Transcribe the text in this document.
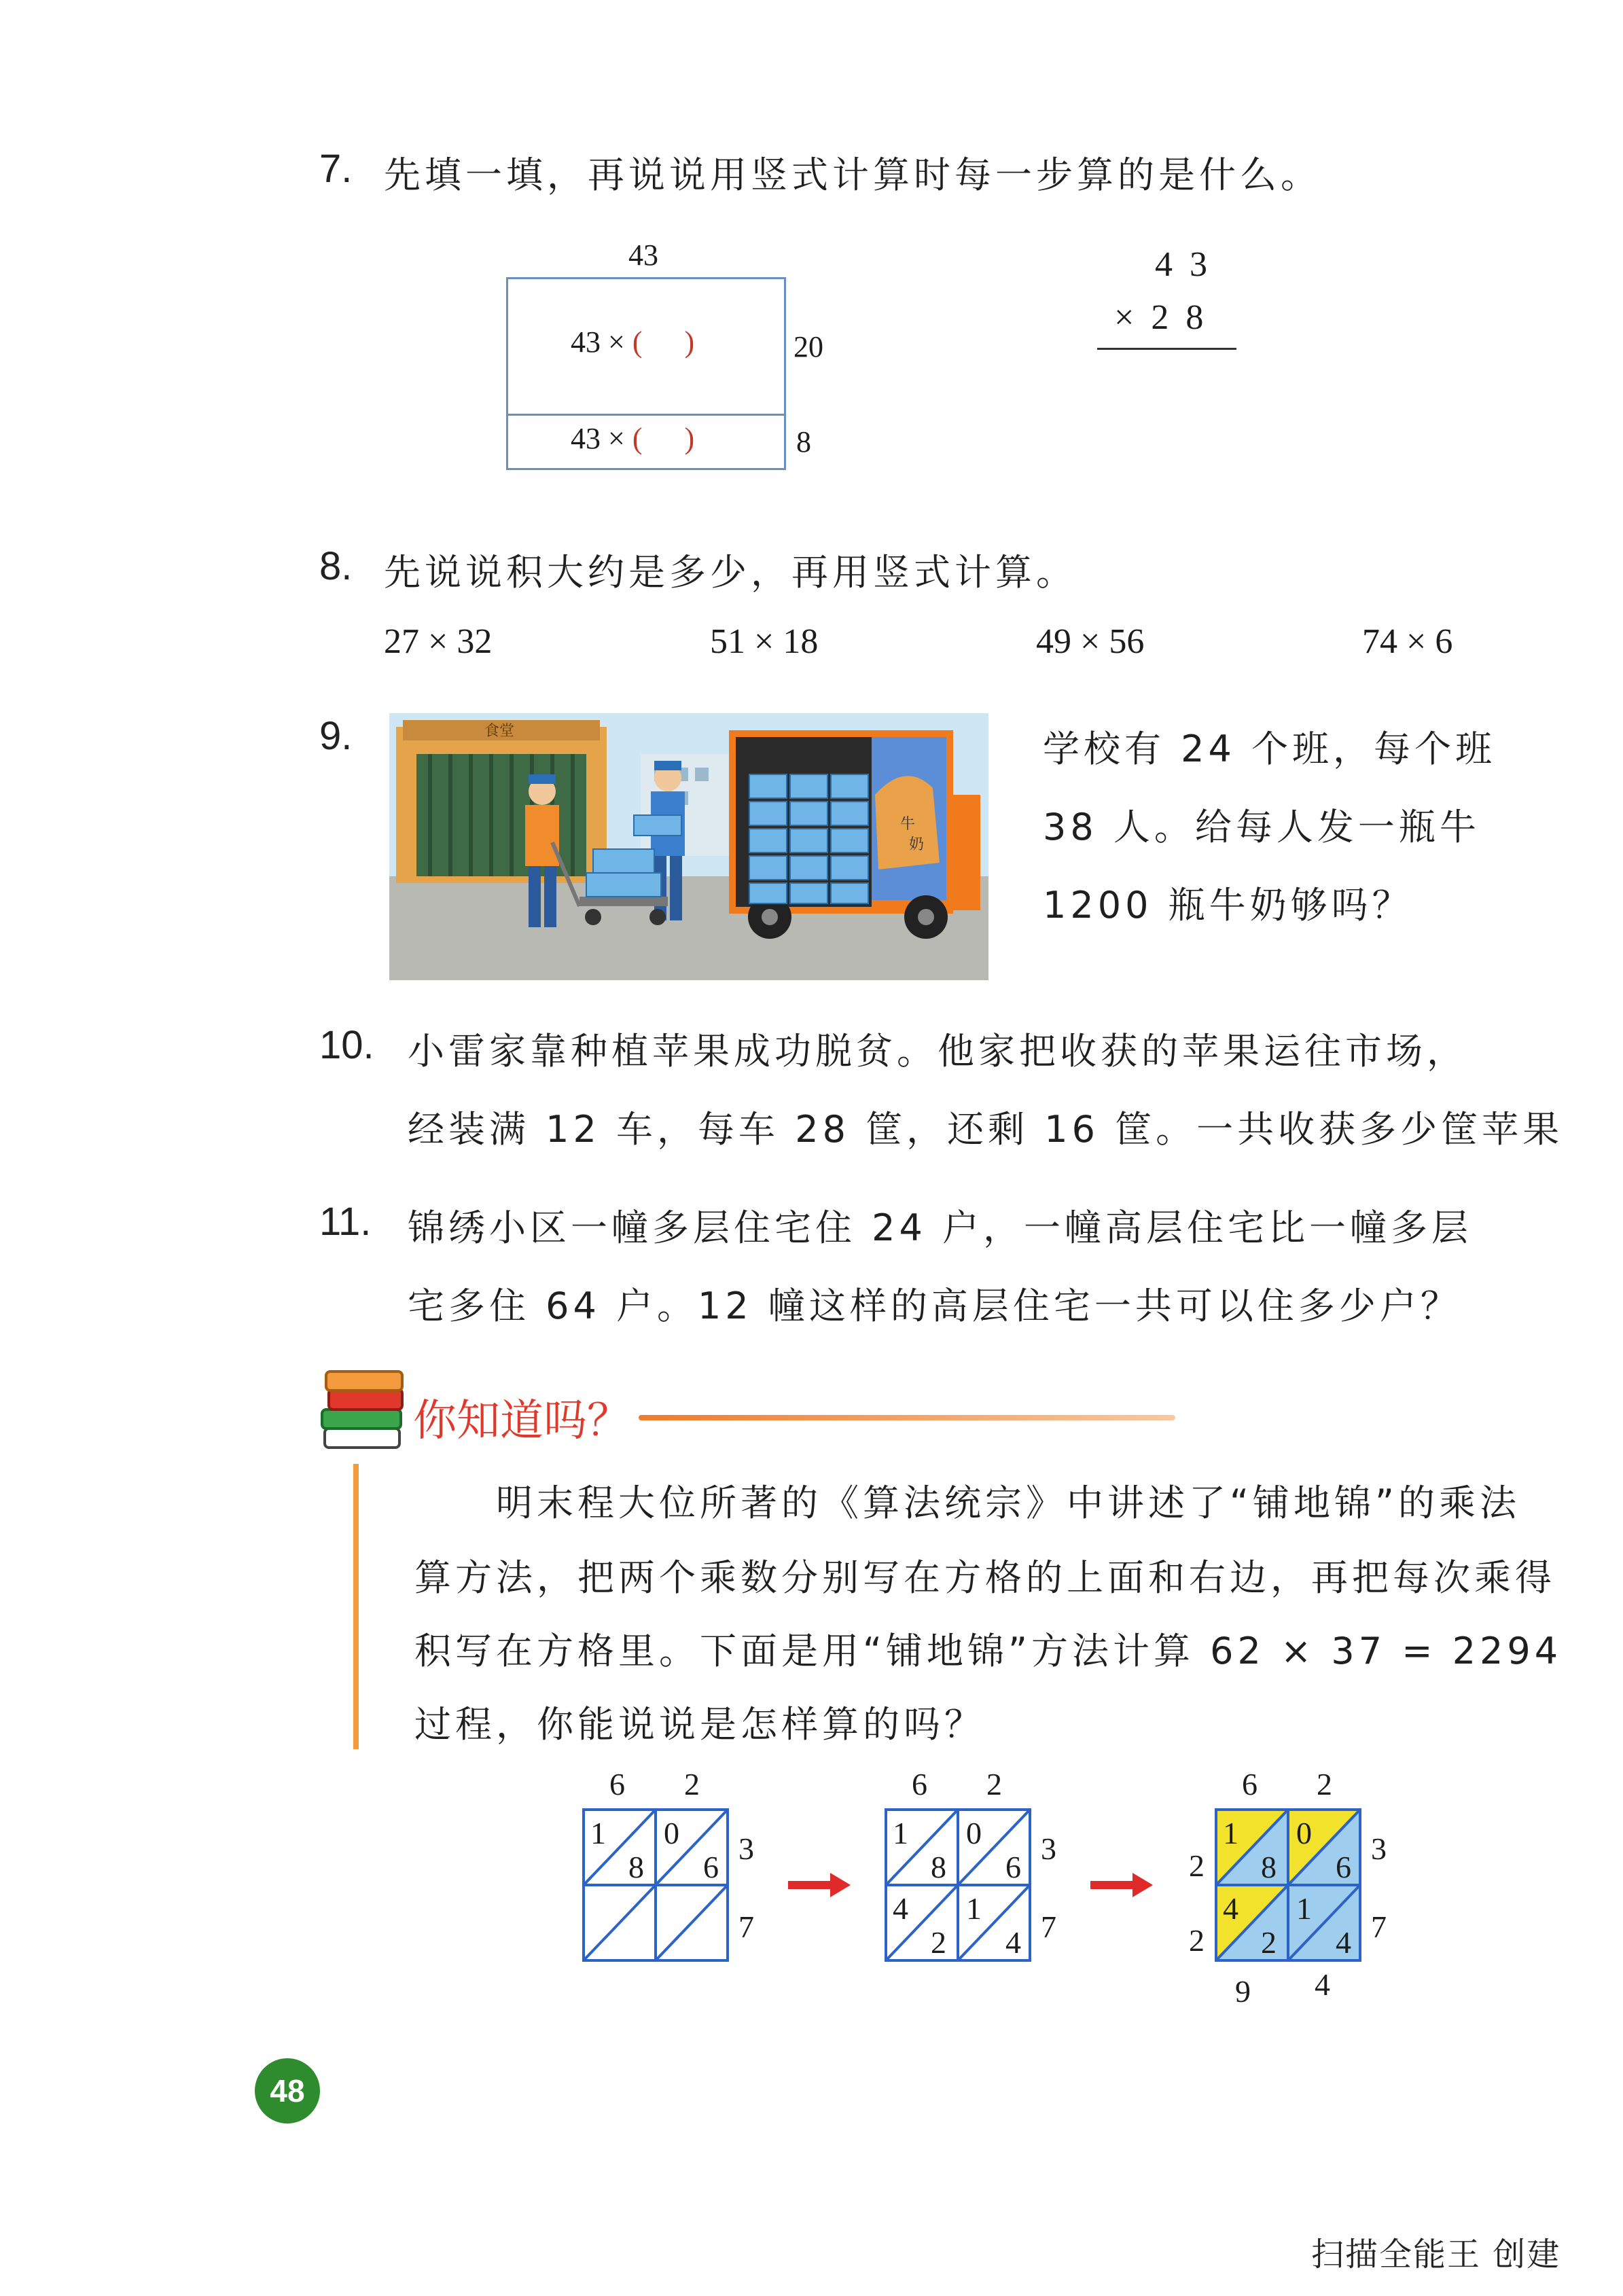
7. 先填一填，再说说用竖式计算时每一步算的是什么。
43
43 × ( )
43 × ( )
20
8
4 3
× 2 8
8. 先说说积大约是多少，再用竖式计算。
27 × 32	51 × 18	49 × 56	74 × 6
9.	食堂
牛
奶
学校有 24 个班，每个班
38 人。给每人发一瓶牛
1200 瓶牛奶够吗？
10. 小雷家靠种植苹果成功脱贫。他家把收获的苹果运往市场，
经装满 12 车，每车 28 筐，还剩 16 筐。一共收获多少筐苹果
11. 锦绣小区一幢多层住宅住 24 户，一幢高层住宅比一幢多层
宅多住 64 户。12 幢这样的高层住宅一共可以住多少户？
你知道吗？
明末程大位所著的《算法统宗》中讲述了“铺地锦”的乘法
算方法，把两个乘数分别写在方格的上面和右边，再把每次乘得
积写在方格里。下面是用“铺地锦”方法计算 62 × 37 = 2294
过程，你能说说是怎样算的吗？
6 2
1
8
0
6
3
7
6 2
1
8
0
6
4
2
1
4
3
7
6 2
1
8
0
6
4
2
1
4
3
7
2
2
9 4
48
扫描全能王 创建
